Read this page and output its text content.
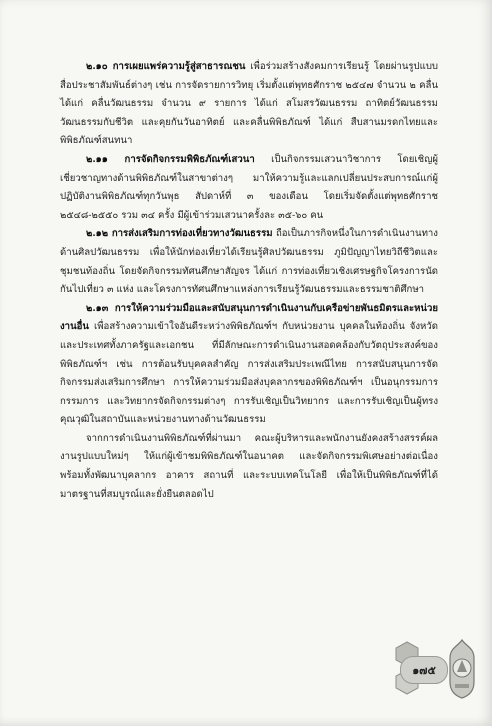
๒.๑๐ การเผยแพร่ความรู้สู่สาธารณชน เพื่อร่วมสร้างสังคมการเรียนรู้ โดยผ่านรูปแบบสื่อประชาสัมพันธ์ต่างๆ เช่น การจัดรายการวิทยุ เริ่มตั้งแต่พุทธศักราช ๒๕๔๗ จำนวน ๒ คลื่น ได้แก่ คลื่นวัฒนธรรม จำนวน ๙ รายการ ได้แก่ สโมสรวัฒนธรรม ถาทิตย์วัฒนธรรม วัฒนธรรมกับชีวิต และคุยกันวันอาทิตย์ และคลื่นพิพิธภัณฑ์ ได้แก่ สืบสานมรดกไทยและพิพิธภัณฑ์สนทนา

๒.๑๑ การจัดกิจกรรมพิพิธภัณฑ์เสวนา เป็นกิจกรรมเสวนาวิชาการ โดยเชิญผู้เชี่ยวชาญทางด้านพิพิธภัณฑ์ในสาขาต่างๆ มาให้ความรู้และแลกเปลี่ยนประสบการณ์แก่ผู้ปฏิบัติงานพิพิธภัณฑ์ทุกวันพุธ สัปดาห์ที่ ๓ ของเดือน โดยเริ่มจัดตั้งแต่พุทธศักราช ๒๕๔๘-๒๕๕๐ รวม ๓๔ ครั้ง มีผู้เข้าร่วมเสวนาครั้งละ ๓๕-๖๐ คน

๒.๑๒ การส่งเสริมการท่องเที่ยวทางวัฒนธรรม ถือเป็นภารกิจหนึ่งในการดำเนินงานทางด้านศิลปวัฒนธรรม เพื่อให้นักท่องเที่ยวได้เรียนรู้ศิลปวัฒนธรรม ภูมิปัญญาไทยวิถีชีวิตและชุมชนท้องถิ่น โดยจัดกิจกรรมทัศนศึกษาสัญจร ได้แก่ การท่องเที่ยวเชิงเศรษฐกิจโครงการนัดกันไปเที่ยว ๓ แห่ง และโครงการทัศนศึกษาแหล่งการเรียนรู้วัฒนธรรมและธรรมชาติศึกษา

๒.๑๓ การให้ความร่วมมือและสนับสนุนการดำเนินงานกับเครือข่ายพันธมิตรและหน่วยงานอื่น เพื่อสร้างความเข้าใจอันดีระหว่างพิพิธภัณฑ์ฯ กับหน่วยงาน บุคคลในท้องถิ่น จังหวัดและประเทศทั้งภาครัฐและเอกชน ที่มีลักษณะการดำเนินงานสอดคล้องกับวัตถุประสงค์ของพิพิธภัณฑ์ฯ เช่น การต้อนรับบุคคลสำคัญ การส่งเสริมประเพณีไทย การสนับสนุนการจัดกิจกรรมส่งเสริมการศึกษา การให้ความร่วมมือส่งบุคลากรของพิพิธภัณฑ์ฯ เป็นอนุกรรมการ กรรมการ และวิทยากรจัดกิจกรรมต่างๆ การรับเชิญเป็นวิทยากร และการรับเชิญเป็นผู้ทรงคุณวุฒิในสถาบันและหน่วยงานทางด้านวัฒนธรรม

จากการดำเนินงานพิพิธภัณฑ์ที่ผ่านมา คณะผู้บริหารและพนักงานยังคงสร้างสรรค์ผลงานรูปแบบใหม่ๆ ให้แก่ผู้เข้าชมพิพิธภัณฑ์ในอนาคต และจัดกิจกรรมพิเศษอย่างต่อเนื่อง พร้อมทั้งพัฒนาบุคลากร อาคาร สถานที่ และระบบเทคโนโลยี เพื่อให้เป็นพิพิธภัณฑ์ที่ได้มาตรฐานที่สมบูรณ์และยั่งยืนตลอดไป

๑๗๕
